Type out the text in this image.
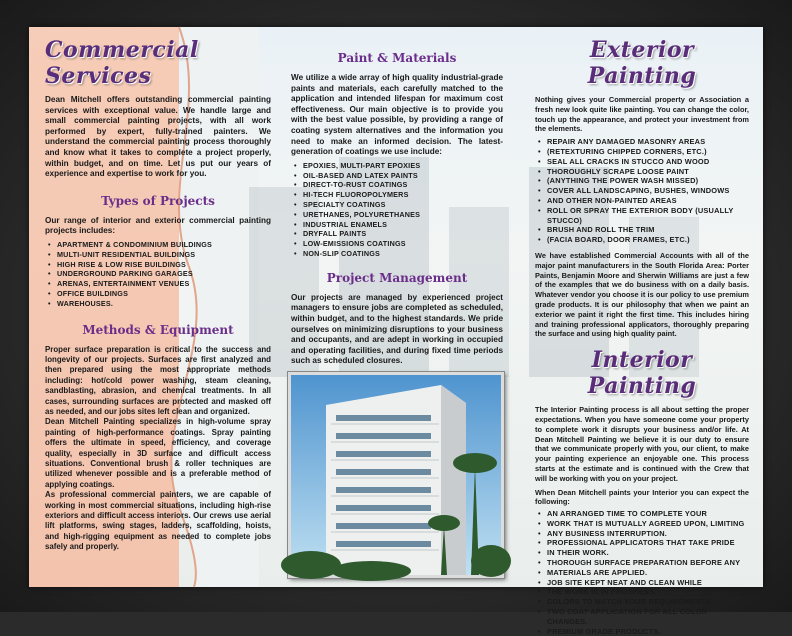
Commercial Services

Dean Mitchell offers outstanding commercial painting services with exceptional value. We handle large and small commercial painting projects, with all work performed by expert, fully-trained painters. We understand the commercial painting process thoroughly and know what it takes to complete a project properly, within budget, and on time. Let us put our years of experience and expertise to work for you.

Types of Projects

Our range of interior and exterior commercial painting projects includes:

• APARTMENT & CONDOMINIUM BUILDINGS
• MULTI-UNIT RESIDENTIAL BUILDINGS
• HIGH RISE & LOW RISE BUILDINGS
• UNDERGROUND PARKING GARAGES
• ARENAS, ENTERTAINMENT VENUES
• OFFICE BUILDINGS
• WAREHOUSES.
Methods & Equipment

Proper surface preparation is critical to the success and longevity of our projects. Surfaces are first analyzed and then prepared using the most appropriate methods including: hot/cold power washing, steam cleaning, sandblasting, abrasion, and chemical treatments. In all cases, surrounding surfaces are protected and masked off as needed, and our jobs sites left clean and organized.

Dean Mitchell Painting specializes in high-volume spray painting of high-performance coatings. Spray painting offers the ultimate in speed, efficiency, and coverage quality, especially in 3D surface and difficult access situations. Conventional brush & roller techniques are utilized whenever possible and is a preferable method of applying coatings.

As professional commercial painters, we are capable of working in most commercial situations, including high-rise exteriors and difficult access interiors. Our crews use aerial lift platforms, swing stages, ladders, scaffolding, hoists, and high-rigging equipment as needed to complete jobs safely and properly.

Paint & Materials

We utilize a wide array of high quality industrial-grade paints and materials, each carefully matched to the application and intended lifespan for maximum cost effectiveness. Our main objective is to provide you with the best value possible, by providing a range of coating system alternatives and the information you need to make an informed decision. The latest-generation of coatings we use include:

• EPOXIES, MULTI-PART EPOXIES
• OIL-BASED AND LATEX PAINTS
• DIRECT-TO-RUST COATINGS
• HI-TECH FLUOROPOLYMERS
• SPECIALTY COATINGS
• URETHANES, POLYURETHANES
• INDUSTRIAL ENAMELS
• DRYFALL PAINTS
• LOW-EMISSIONS COATINGS
• NON-SLIP COATINGS
Project Management

Our projects are managed by experienced project managers to ensure jobs are completed as scheduled, within budget, and to the highest standards. We pride ourselves on minimizing disruptions to your business and occupants, and are adept in working in occupied and operating facilities, and during fixed time periods such as scheduled closures.

Exterior Painting

Nothing gives your Commercial property or Association a fresh new look quite like painting. You can change the color, touch up the appearance, and protect your investment from the elements.

• REPAIR ANY DAMAGED MASONRY AREAS
• (RETEXTURING CHIPPED CORNERS, ETC.)
• SEAL ALL CRACKS IN STUCCO AND WOOD
• THOROUGHLY SCRAPE LOOSE PAINT
• (ANYTHING THE POWER WASH MISSED)
• COVER ALL LANDSCAPING, BUSHES, WINDOWS
• AND OTHER NON-PAINTED AREAS
• ROLL OR SPRAY THE EXTERIOR BODY (USUALLY STUCCO)
• BRUSH AND ROLL THE TRIM
• (FACIA BOARD, DOOR FRAMES, ETC.)

We have established Commercial Accounts with all of the major paint manufacturers in the South Florida Area: Porter Paints, Benjamin Moore and Sherwin Williams are just a few of the examples that we do business with on a daily basis. Whatever vendor you choose it is our policy to use premium grade products. It is our philosophy that when we paint an exterior we paint it right the first time. This includes hiring and training professional applicators, thoroughly preparing the surface and using high quality paint.

Interior Painting

The Interior Painting process is all about setting the proper expectations. When you have someone come your property to complete work it disrupts your business and/or life. At Dean Mitchell Painting we believe it is our duty to ensure that we communicate properly with you, our client, to make your painting experience an enjoyable one. This process starts at the estimate and is continued with the Crew that will be working with you on your project.

When Dean Mitchell paints your Interior you can expect the following:

• AN ARRANGED TIME TO COMPLETE YOUR
• WORK THAT IS MUTUALLY AGREED UPON, LIMITING
• ANY BUSINESS INTERRUPTION.
• PROFESSIONAL APPLICATORS THAT TAKE PRIDE
• IN THEIR WORK.
• THOROUGH SURFACE PREPARATION BEFORE ANY
• MATERIALS ARE APPLIED.
• JOB SITE KEPT NEAT AND CLEAN WHILE
• THE WORK IS IN PROGRESS.
• COLORS TO MATCH YOUR REQUIREMENTS.
• TWO COAT APPLICATION FOR ALL COLOR CHANGES.
• PREMIUM GRADE PRODUCTS.
